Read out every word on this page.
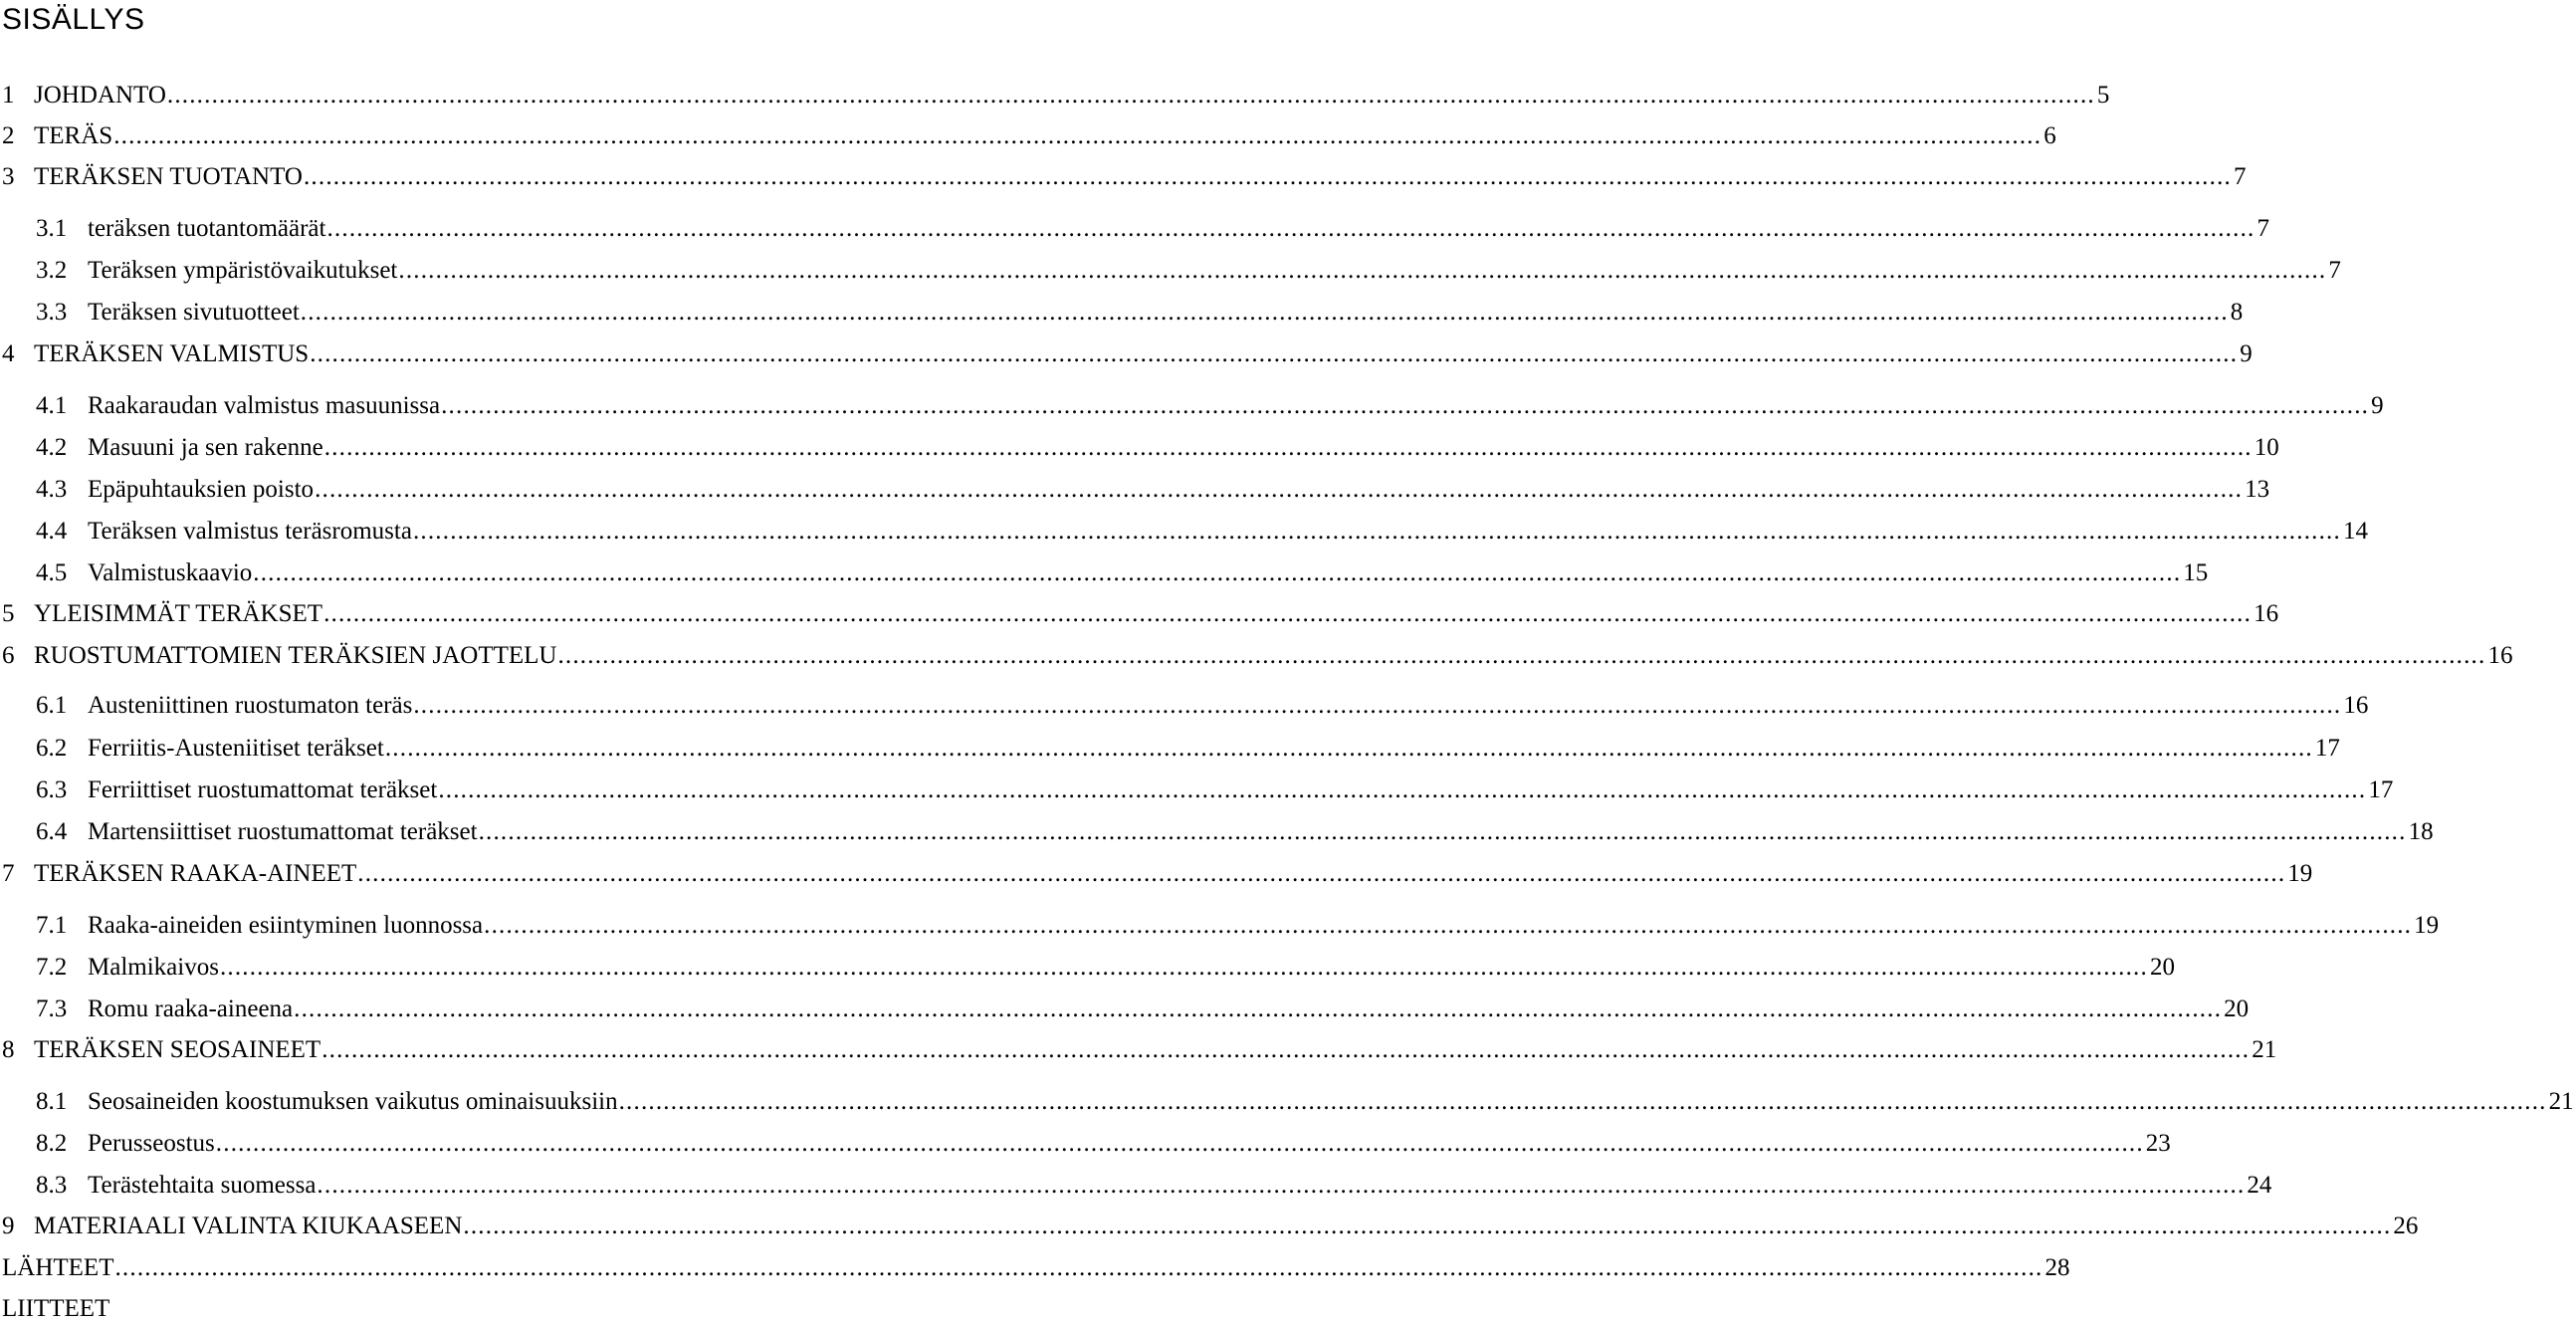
SISÄLLYS
1 JOHDANTO .................................................................................................................................................................................................................................................................... 5
2 TERÄS .................................................................................................................................................................................................................................................................... 6
3 TERÄKSEN TUOTANTO .................................................................................................................................................................................................................................................................... 7
3.1 teräksen tuotantomäärät .................................................................................................................................................................................................................................................................... 7
3.2 Teräksen ympäristövaikutukset .................................................................................................................................................................................................................................................................... 7
3.3 Teräksen sivutuotteet .................................................................................................................................................................................................................................................................... 8
4 TERÄKSEN VALMISTUS .................................................................................................................................................................................................................................................................... 9
4.1 Raakaraudan valmistus masuunissa .................................................................................................................................................................................................................................................................... 9
4.2 Masuuni ja sen rakenne .................................................................................................................................................................................................................................................................... 10
4.3 Epäpuhtauksien poisto .................................................................................................................................................................................................................................................................... 13
4.4 Teräksen valmistus teräsromusta .................................................................................................................................................................................................................................................................... 14
4.5 Valmistuskaavio .................................................................................................................................................................................................................................................................... 15
5 YLEISIMMÄT TERÄKSET .................................................................................................................................................................................................................................................................... 16
6 RUOSTUMATTOMIEN TERÄKSIEN JAOTTELU .................................................................................................................................................................................................................................................................... 16
6.1 Austeniittinen ruostumaton teräs .................................................................................................................................................................................................................................................................... 16
6.2 Ferriitis-Austeniitiset teräkset .................................................................................................................................................................................................................................................................... 17
6.3 Ferriittiset ruostumattomat teräkset .................................................................................................................................................................................................................................................................... 17
6.4 Martensiittiset ruostumattomat teräkset .................................................................................................................................................................................................................................................................... 18
7 TERÄKSEN RAAKA-AINEET .................................................................................................................................................................................................................................................................... 19
7.1 Raaka-aineiden esiintyminen luonnossa .................................................................................................................................................................................................................................................................... 19
7.2 Malmikaivos .................................................................................................................................................................................................................................................................... 20
7.3 Romu raaka-aineena .................................................................................................................................................................................................................................................................... 20
8 TERÄKSEN SEOSAINEET .................................................................................................................................................................................................................................................................... 21
8.1 Seosaineiden koostumuksen vaikutus ominaisuuksiin .................................................................................................................................................................................................................................................................... 21
8.2 Perusseostus .................................................................................................................................................................................................................................................................... 23
8.3 Terästehtaita suomessa .................................................................................................................................................................................................................................................................... 24
9 MATERIAALI VALINTA KIUKAASEEN .................................................................................................................................................................................................................................................................... 26
LÄHTEET .................................................................................................................................................................................................................................................................... 28
LIITTEET
